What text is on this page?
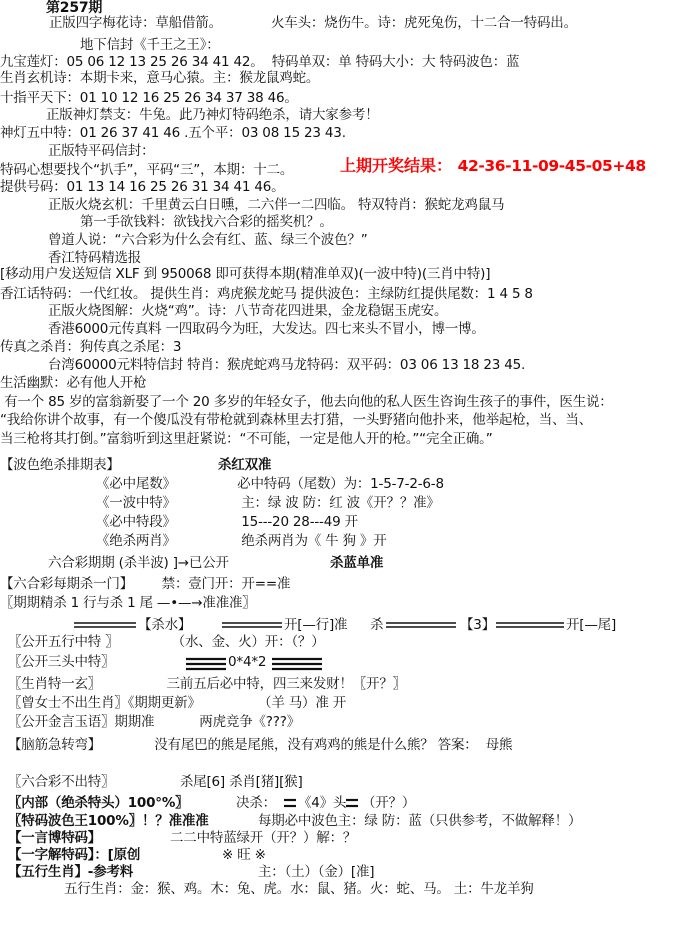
第257期
正版四字梅花诗：草船借箭。            火车头：烧伤牛。诗：虎死兔伤，十二合一特码出。
地下信封《千王之王》：
九宝莲灯：05 06 12 13 25 26 34 41 42。  特码单双：单 特码大小：大 特码波色：蓝
生肖玄机诗：本期卡来，意马心猿。主：猴龙鼠鸡蛇。
十指平天下：01 10 12 16 25 26 34 37 38 46。
正版神灯禁支：牛兔。此乃神灯特码绝杀，请大家参考！
神灯五中特：01 26 37 41 46 .五个平：03 08 15 23 43.
正版特平码信封：
特码心想要找个“扒手”，平码“三”，本期：十二。
提供号码：01 13 14 16 25 26 31 34 41 46。
正版火烧玄机：千里黄云白日曛，二六伴一二四临。 特双特肖：猴蛇龙鸡鼠马
第一手欲钱料：欲钱找六合彩的摇奖机？。
曾道人说：“六合彩为什么会有红、蓝、绿三个波色？”
香江特码精选报
[移动用户发送短信 XLF 到 950068 即可获得本期(精准单双)(一波中特)(三肖中特)]
香江话特码：一代红妆。 提供生肖：鸡虎猴龙蛇马 提供波色：主绿防红提供尾数：1 4 5 8
正版火烧图解：火烧“鸡”。诗：八节奇花四进果，金龙稳锯玉虎安。
香港6000元传真料 一四取码今为旺，大发达。四七来头不冒小，博一博。
传真之杀肖：狗传真之杀尾：3
台湾60000元料特信封 特肖：猴虎蛇鸡马龙特码：双平码：03 06 13 18 23 45.
生活幽默：必有他人开枪
有一个 85 岁的富翁新娶了一个 20 多岁的年轻女子，他去向他的私人医生咨询生孩子的事件，医生说：
“我给你讲个故事，有一个傻瓜没有带枪就到森林里去打猎，一头野猪向他扑来，他举起枪，当、当、
当三枪将其打倒。”富翁听到这里赶紧说：“不可能，一定是他人开的枪。”“完全正确。”
【波色绝杀排期表】
《必中尾数》               必中特码（尾数）为：1-5-7-2-6-8
《一波中特》                主：绿 波 防：红 波《开？？准》
《必中特段》                15---20 28---49 开
《绝杀两肖》                绝杀两肖为《 牛 狗 》开
六合彩期期 (杀半波) ]→已公开
【六合彩每期杀一门】       禁：壹门开：开==准
〖期期精杀 1 行与杀 1 尾 —•—→准准准〗
〖公开五行中特 〗             （水、金、火）开：（？）
〖公开三头中特〗
〖生肖特一玄〗                三前五后必中特，四三来发财！〖开？〗
〖曾女士不出生肖〗《期期更新》              （羊 马）准 开
〖公开金言玉语〗期期准           两虎竞争《???》
【脑筋急转弯】             没有尾巴的熊是尾熊，没有鸡鸡的熊是什么熊？ 答案：  母熊
〖六合彩不出特〗                杀尾[6] 杀肖[猪][猴]
主：（土）（金）[准]
五行生肖：金：猴、鸡。木：兔、虎。水：鼠、猪。火：蛇、马。 土：牛龙羊狗
杀红双准
杀蓝单准
〖内部（绝杀特头）100°%〗
〖特码波色王100%〗！？准准准
【一言博特码】
【一字解特码】：[原创
【五行生肖】-参考料
【杀水】	开[—行]准 杀	【3】	开[—尾]
0*4*2
决杀： 《4》头 （开？）
每期必中波色主：绿 防：蓝（只供参考，不做解释！）
二二中特蓝绿开（开？）解：？
※ 旺 ※
上期开奖结果： 42-36-11-09-45-05+48
